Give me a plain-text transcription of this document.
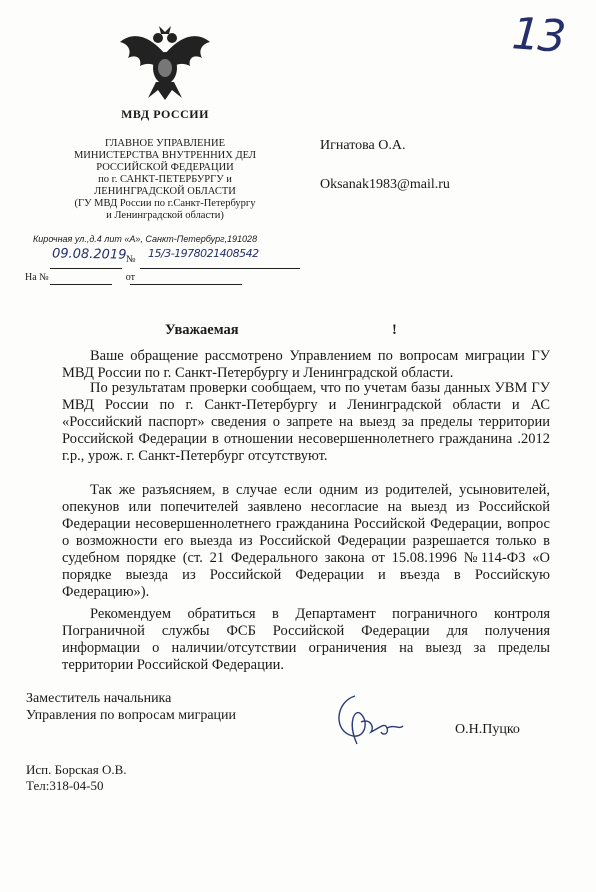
13
МВД РОССИИ
ГЛАВНОЕ УПРАВЛЕНИЕ
МИНИСТЕРСТВА ВНУТРЕННИХ ДЕЛ
РОССИЙСКОЙ ФЕДЕРАЦИИ
по г. САНКТ-ПЕТЕРБУРГУ и
ЛЕНИНГРАДСКОЙ ОБЛАСТИ
(ГУ МВД России по г.Санкт-Петербургу
и Ленинградской области)
Кирочная ул.,д.4 лит «А», Санкт-Петербург,191028
09.08.2019 № 15/3-1978021408542
На №	от
Игнатова О.А.
Oksanak1983@mail.ru
Уважаемая	!

Ваше обращение рассмотрено Управлением по вопросам миграции ГУ МВД России по г. Санкт-Петербургу и Ленинградской области.

По результатам проверки сообщаем, что по учетам базы данных УВМ ГУ МВД России по г. Санкт-Петербургу и Ленинградской области и АС «Российский паспорт» сведения о запрете на выезд за пределы территории Российской Федерации в отношении несовершеннолетнего гражданина .2012 г.р., урож. г. Санкт-Петербург отсутствуют.

Так же разъясняем, в случае если одним из родителей, усыновителей, опекунов или попечителей заявлено несогласие на выезд из Российской Федерации несовершеннолетнего гражданина Российской Федерации, вопрос о возможности его выезда из Российской Федерации разрешается только в судебном порядке (ст. 21 Федерального закона от 15.08.1996 №114-ФЗ «О порядке выезда из Российской Федерации и въезда в Российскую Федерацию»).

Рекомендуем обратиться в Департамент пограничного контроля Пограничной службы ФСБ Российской Федерации для получения информации о наличии/отсутствии ограничения на выезд за пределы территории Российской Федерации.

Заместитель начальника
Управления по вопросам миграции
О.Н.Пуцко
Исп. Борская О.В.
Тел:318-04-50
